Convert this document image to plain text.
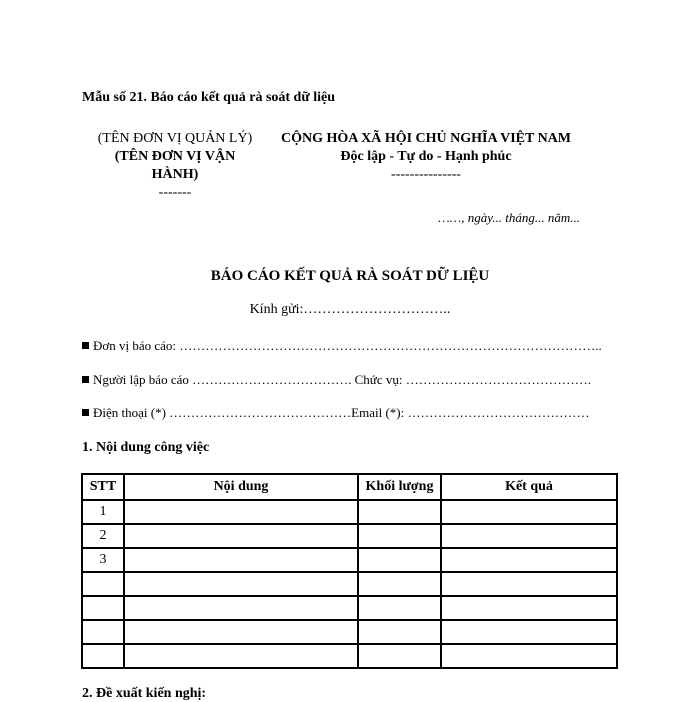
Mẫu số 21. Báo cáo kết quả rà soát dữ liệu
(TÊN ĐƠN VỊ QUẢN LÝ)
(TÊN ĐƠN VỊ VẬN
HÀNH)
-------
CỘNG HÒA XÃ HỘI CHỦ NGHĨA VIỆT NAM
Độc lập - Tự do - Hạnh phúc
---------------
……, ngày... tháng... năm...
BÁO CÁO KẾT QUẢ RÀ SOÁT DỮ LIỆU
Kính gửi:…………………………..
Đơn vị báo cáo: ……………………………………………………………………………………..
Người lập báo cáo ………………………………. Chức vụ: …………………………………….
Điện thoại (*) ……………………………………Email (*): ……………………………………
1. Nội dung công việc
STT	Nội dung	Khối lượng	Kết quả
1			
2			
3			

2. Đề xuất kiến nghị:
